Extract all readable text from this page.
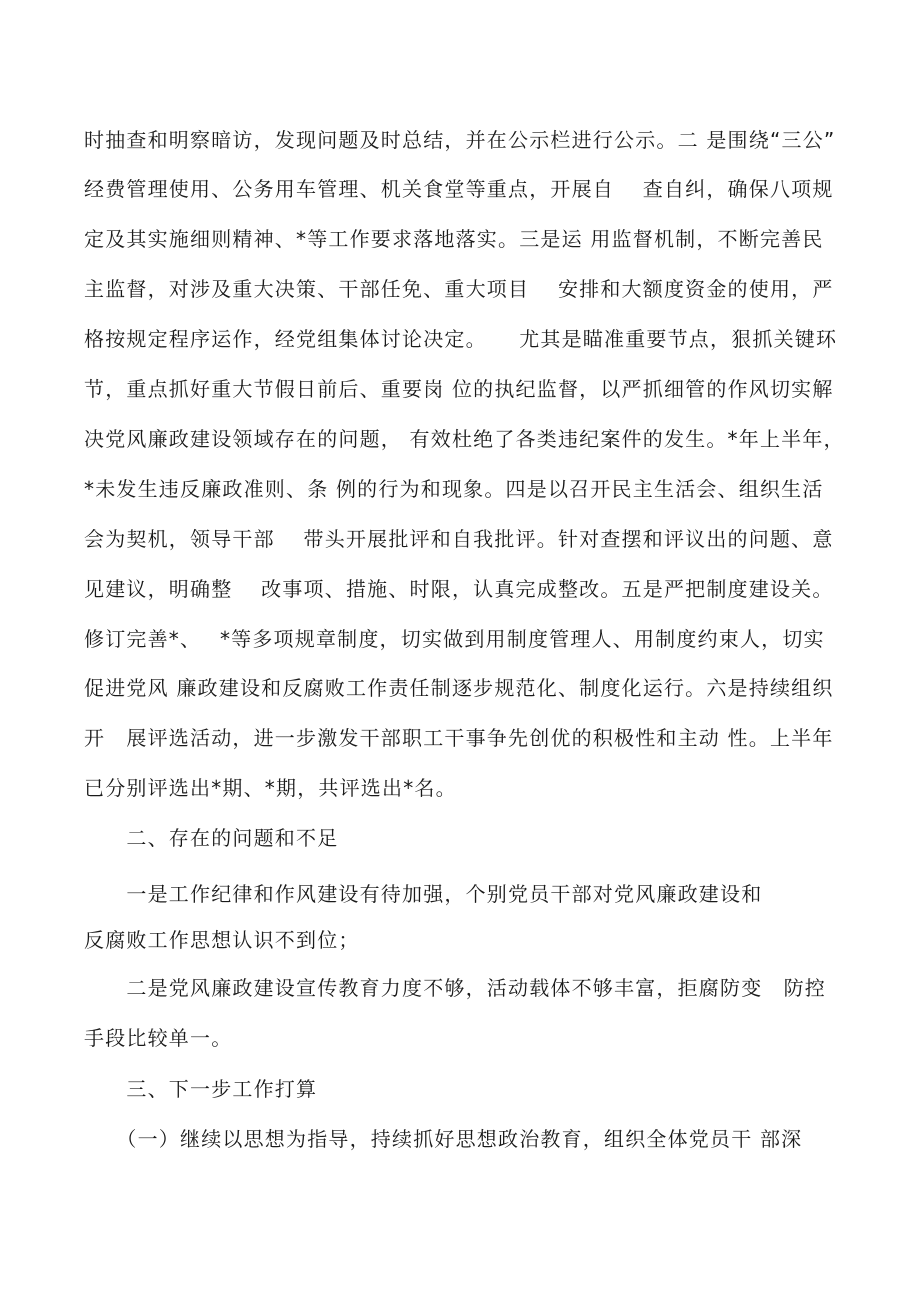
时抽查和明察暗访，发现问题及时总结，并在公示栏进行公示。二 是围绕“三公”
经费管理使用、公务用车管理、机关食堂等重点，开展自　 查自纠，确保八项规
定及其实施细则精神、*等工作要求落地落实。三是运 用监督机制，不断完善民
主监督，对涉及重大决策、干部任免、重大项目　 安排和大额度资金的使用，严
格按规定程序运作，经党组集体讨论决定。　　尤其是瞄准重要节点，狠抓关键环
节，重点抓好重大节假日前后、重要岗 位的执纪监督，以严抓细管的作风切实解
决党风廉政建设领域存在的问题， 有效杜绝了各类违纪案件的发生。*年上半年，
*未发生违反廉政准则、条 例的行为和现象。四是以召开民主生活会、组织生活
会为契机，领导干部　 带头开展批评和自我批评。针对查摆和评议出的问题、意
见建议，明确整　 改事项、措施、时限，认真完成整改。五是严把制度建设关。
修订完善*、　 *等多项规章制度，切实做到用制度管理人、用制度约束人，切实
促进党风 廉政建设和反腐败工作责任制逐步规范化、制度化运行。六是持续组织
开　展评选活动，进一步激发干部职工干事争先创优的积极性和主动 性。上半年
已分别评选出*期、*期，共评选出*名。
　　二、存在的问题和不足
　　一是工作纪律和作风建设有待加强，个别党员干部对党风廉政建设和
反腐败工作思想认识不到位；
　　二是党风廉政建设宣传教育力度不够，活动载体不够丰富，拒腐防变　防控
手段比较单一。
　　三、下一步工作打算
　　（一）继续以思想为指导，持续抓好思想政治教育，组织全体党员干 部深
